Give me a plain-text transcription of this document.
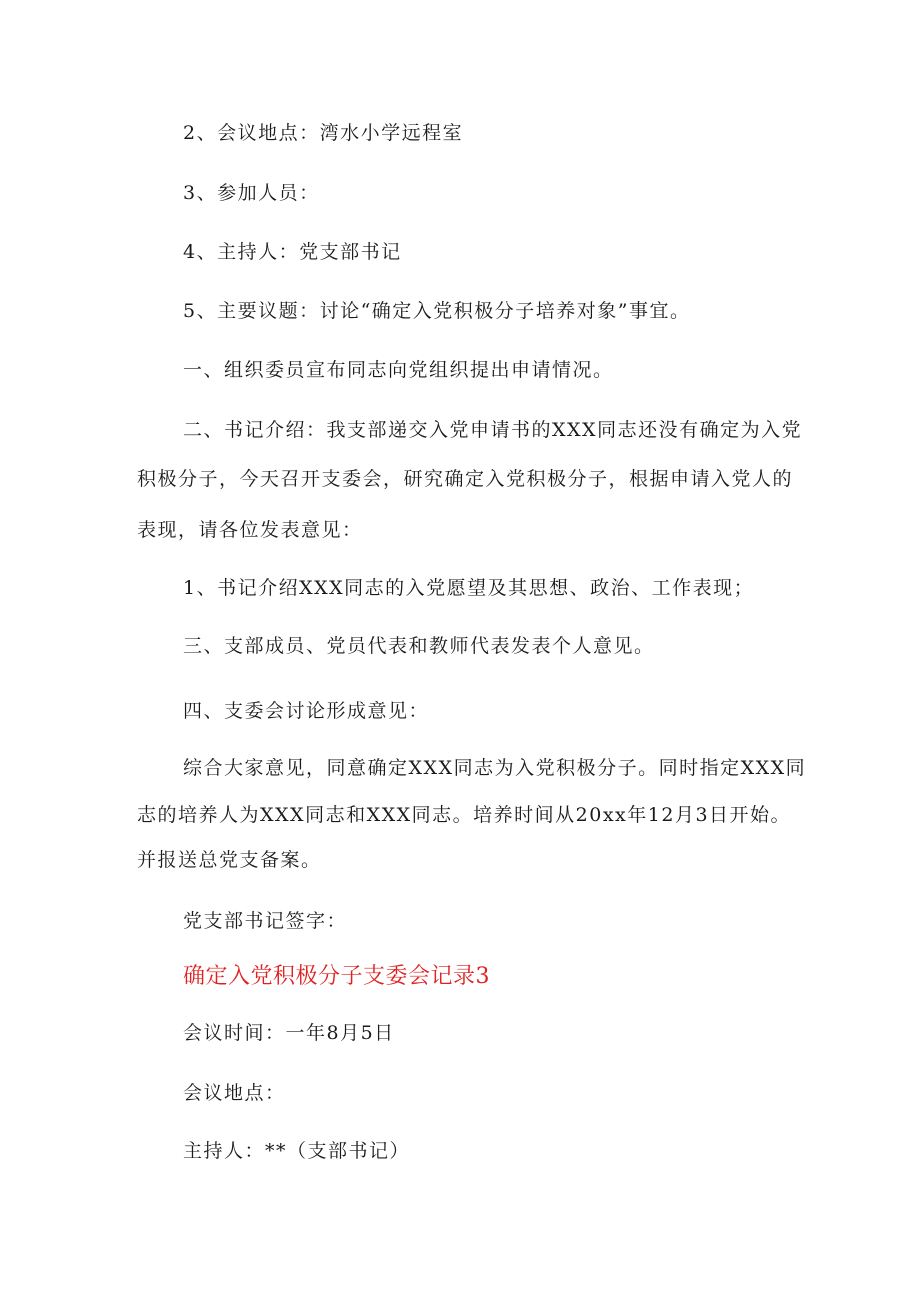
2、会议地点：湾水小学远程室
3、参加人员：
4、主持人：党支部书记
5、主要议题：讨论“确定入党积极分子培养对象”事宜。
一、组织委员宣布同志向党组织提出申请情况。
二、书记介绍：我支部递交入党申请书的XXX同志还没有确定为入党
积极分子，今天召开支委会，研究确定入党积极分子，根据申请入党人的
表现，请各位发表意见：
1、书记介绍XXX同志的入党愿望及其思想、政治、工作表现；
三、支部成员、党员代表和教师代表发表个人意见。
四、支委会讨论形成意见：
综合大家意见，同意确定XXX同志为入党积极分子。同时指定XXX同
志的培养人为XXX同志和XXX同志。培养时间从20xx年12月3日开始。
并报送总党支备案。
党支部书记签字：
确定入党积极分子支委会记录3
会议时间：一年8月5日
会议地点：
主持人：**（支部书记）
